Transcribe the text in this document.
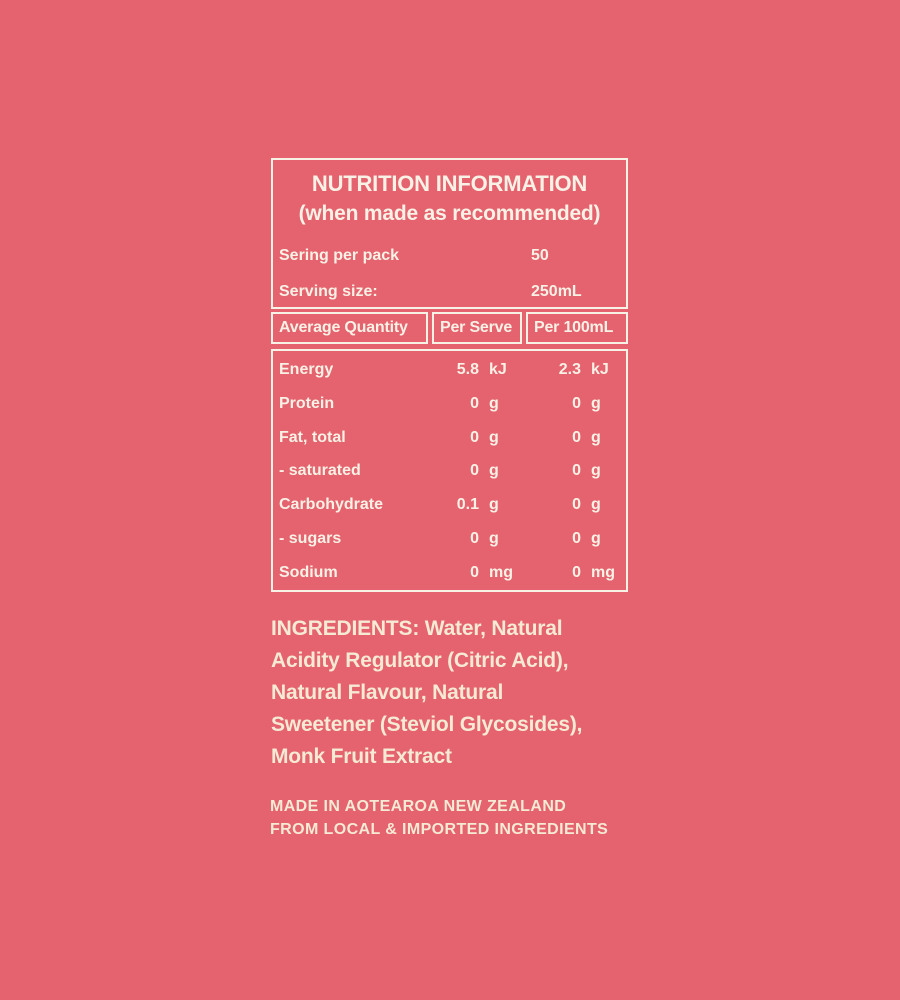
NUTRITION INFORMATION
(when made as recommended)
Sering per pack	50
Serving size:	250mL
Average Quantity	Per Serve	Per 100mL
Energy	5.8 kJ	2.3 kJ
Protein	0 g	0 g
Fat, total	0 g	0 g
- saturated	0 g	0 g
Carbohydrate	0.1 g	0 g
- sugars	0 g	0 g
Sodium	0 mg	0 mg
INGREDIENTS: Water, Natural
Acidity Regulator (Citric Acid),
Natural Flavour, Natural
Sweetener (Steviol Glycosides),
Monk Fruit Extract
MADE IN AOTEAROA NEW ZEALAND
FROM LOCAL & IMPORTED INGREDIENTS
